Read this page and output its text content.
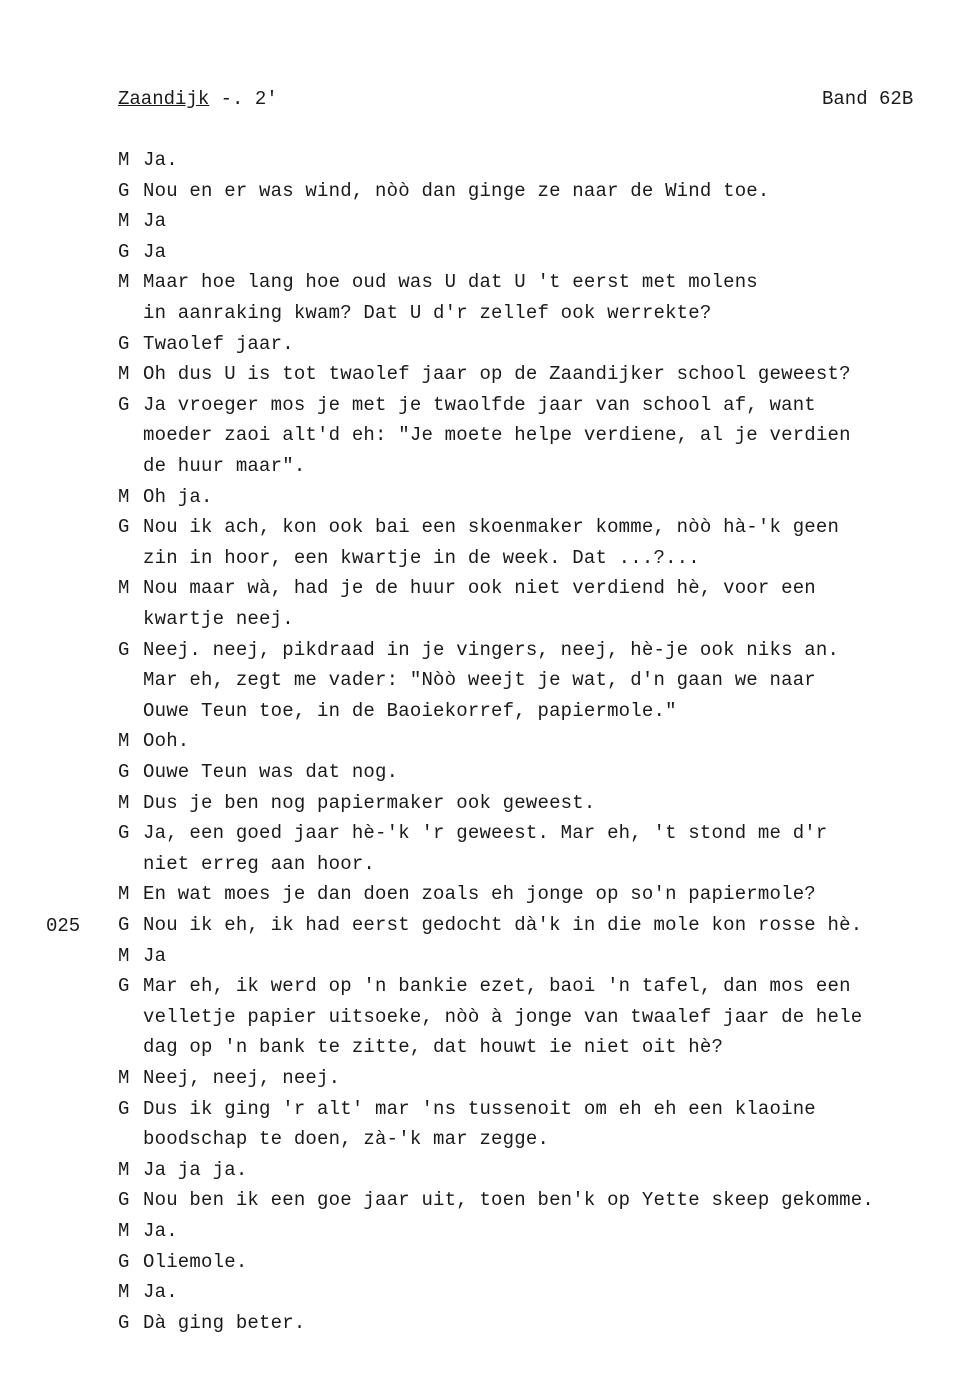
Zaandijk -. 2'	Band 62B
025
M Ja.
G Nou en er was wind, nòò dan ginge ze naar de Wind toe.
M Ja
G Ja
M Maar hoe lang hoe oud was U dat U 't eerst met molens
in aanraking kwam? Dat U d'r zellef ook werrekte?
G Twaolef jaar.
M Oh dus U is tot twaolef jaar op de Zaandijker school geweest?
G Ja vroeger mos je met je twaolfde jaar van school af, want
moeder zaoi alt'd eh: "Je moete helpe verdiene, al je verdien
de huur maar".
M Oh ja.
G Nou ik ach, kon ook bai een skoenmaker komme, nòò hà-'k geen
zin in hoor, een kwartje in de week. Dat ...?...
M Nou maar wà, had je de huur ook niet verdiend hè, voor een
kwartje neej.
G Neej. neej, pikdraad in je vingers, neej, hè-je ook niks an.
Mar eh, zegt me vader: "Nòò weejt je wat, d'n gaan we naar
Ouwe Teun toe, in de Baoiekorref, papiermole."
M Ooh.
G Ouwe Teun was dat nog.
M Dus je ben nog papiermaker ook geweest.
G Ja, een goed jaar hè-'k 'r geweest. Mar eh, 't stond me d'r
niet erreg aan hoor.
M En wat moes je dan doen zoals eh jonge op so'n papiermole?
G Nou ik eh, ik had eerst gedocht dà'k in die mole kon rosse hè.
M Ja
G Mar eh, ik werd op 'n bankie ezet, baoi 'n tafel, dan mos een
velletje papier uitsoeke, nòò à jonge van twaalef jaar de hele
dag op 'n bank te zitte, dat houwt ie niet oit hè?
M Neej, neej, neej.
G Dus ik ging 'r alt' mar 'ns tussenoit om eh eh een klaoine
boodschap te doen, zà-'k mar zegge.
M Ja ja ja.
G Nou ben ik een goe jaar uit, toen ben'k op Yette skeep gekomme.
M Ja.
G Oliemole.
M Ja.
G Dà ging beter.
